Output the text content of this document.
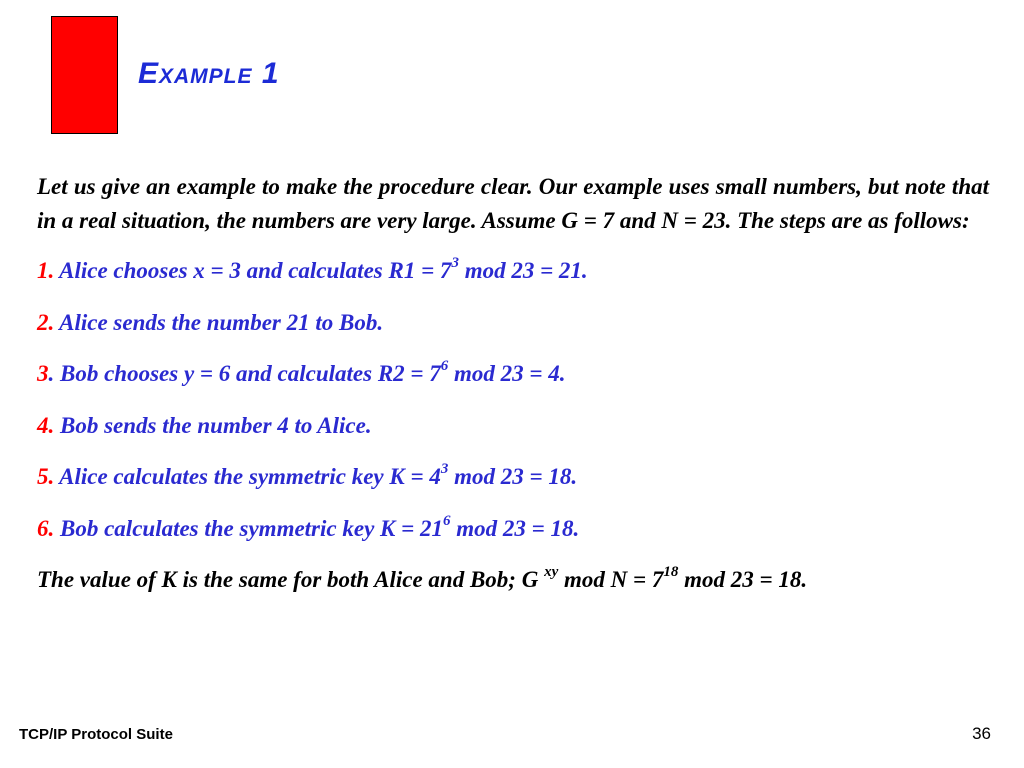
Example 1

Let us give an example to make the procedure clear. Our example uses small numbers, but note that in a real situation, the numbers are very large. Assume G = 7 and N = 23. The steps are as follows:

1. Alice chooses x = 3 and calculates $R1 = 7^3$ mod 23 = 21.

2. Alice sends the number 21 to Bob.

3. Bob chooses y = 6 and calculates $R2 = 7^6$ mod 23 = 4.

4. Bob sends the number 4 to Alice.

5. Alice calculates the symmetric key $K = 4^3$ mod 23 = 18.

6. Bob calculates the symmetric key $K = 21^6$ mod 23 = 18.

The value of K is the same for both Alice and Bob; G $^{xy}$ mod $N = 7^{18}$ mod 23 = 18.

TCP/IP Protocol Suite	36
